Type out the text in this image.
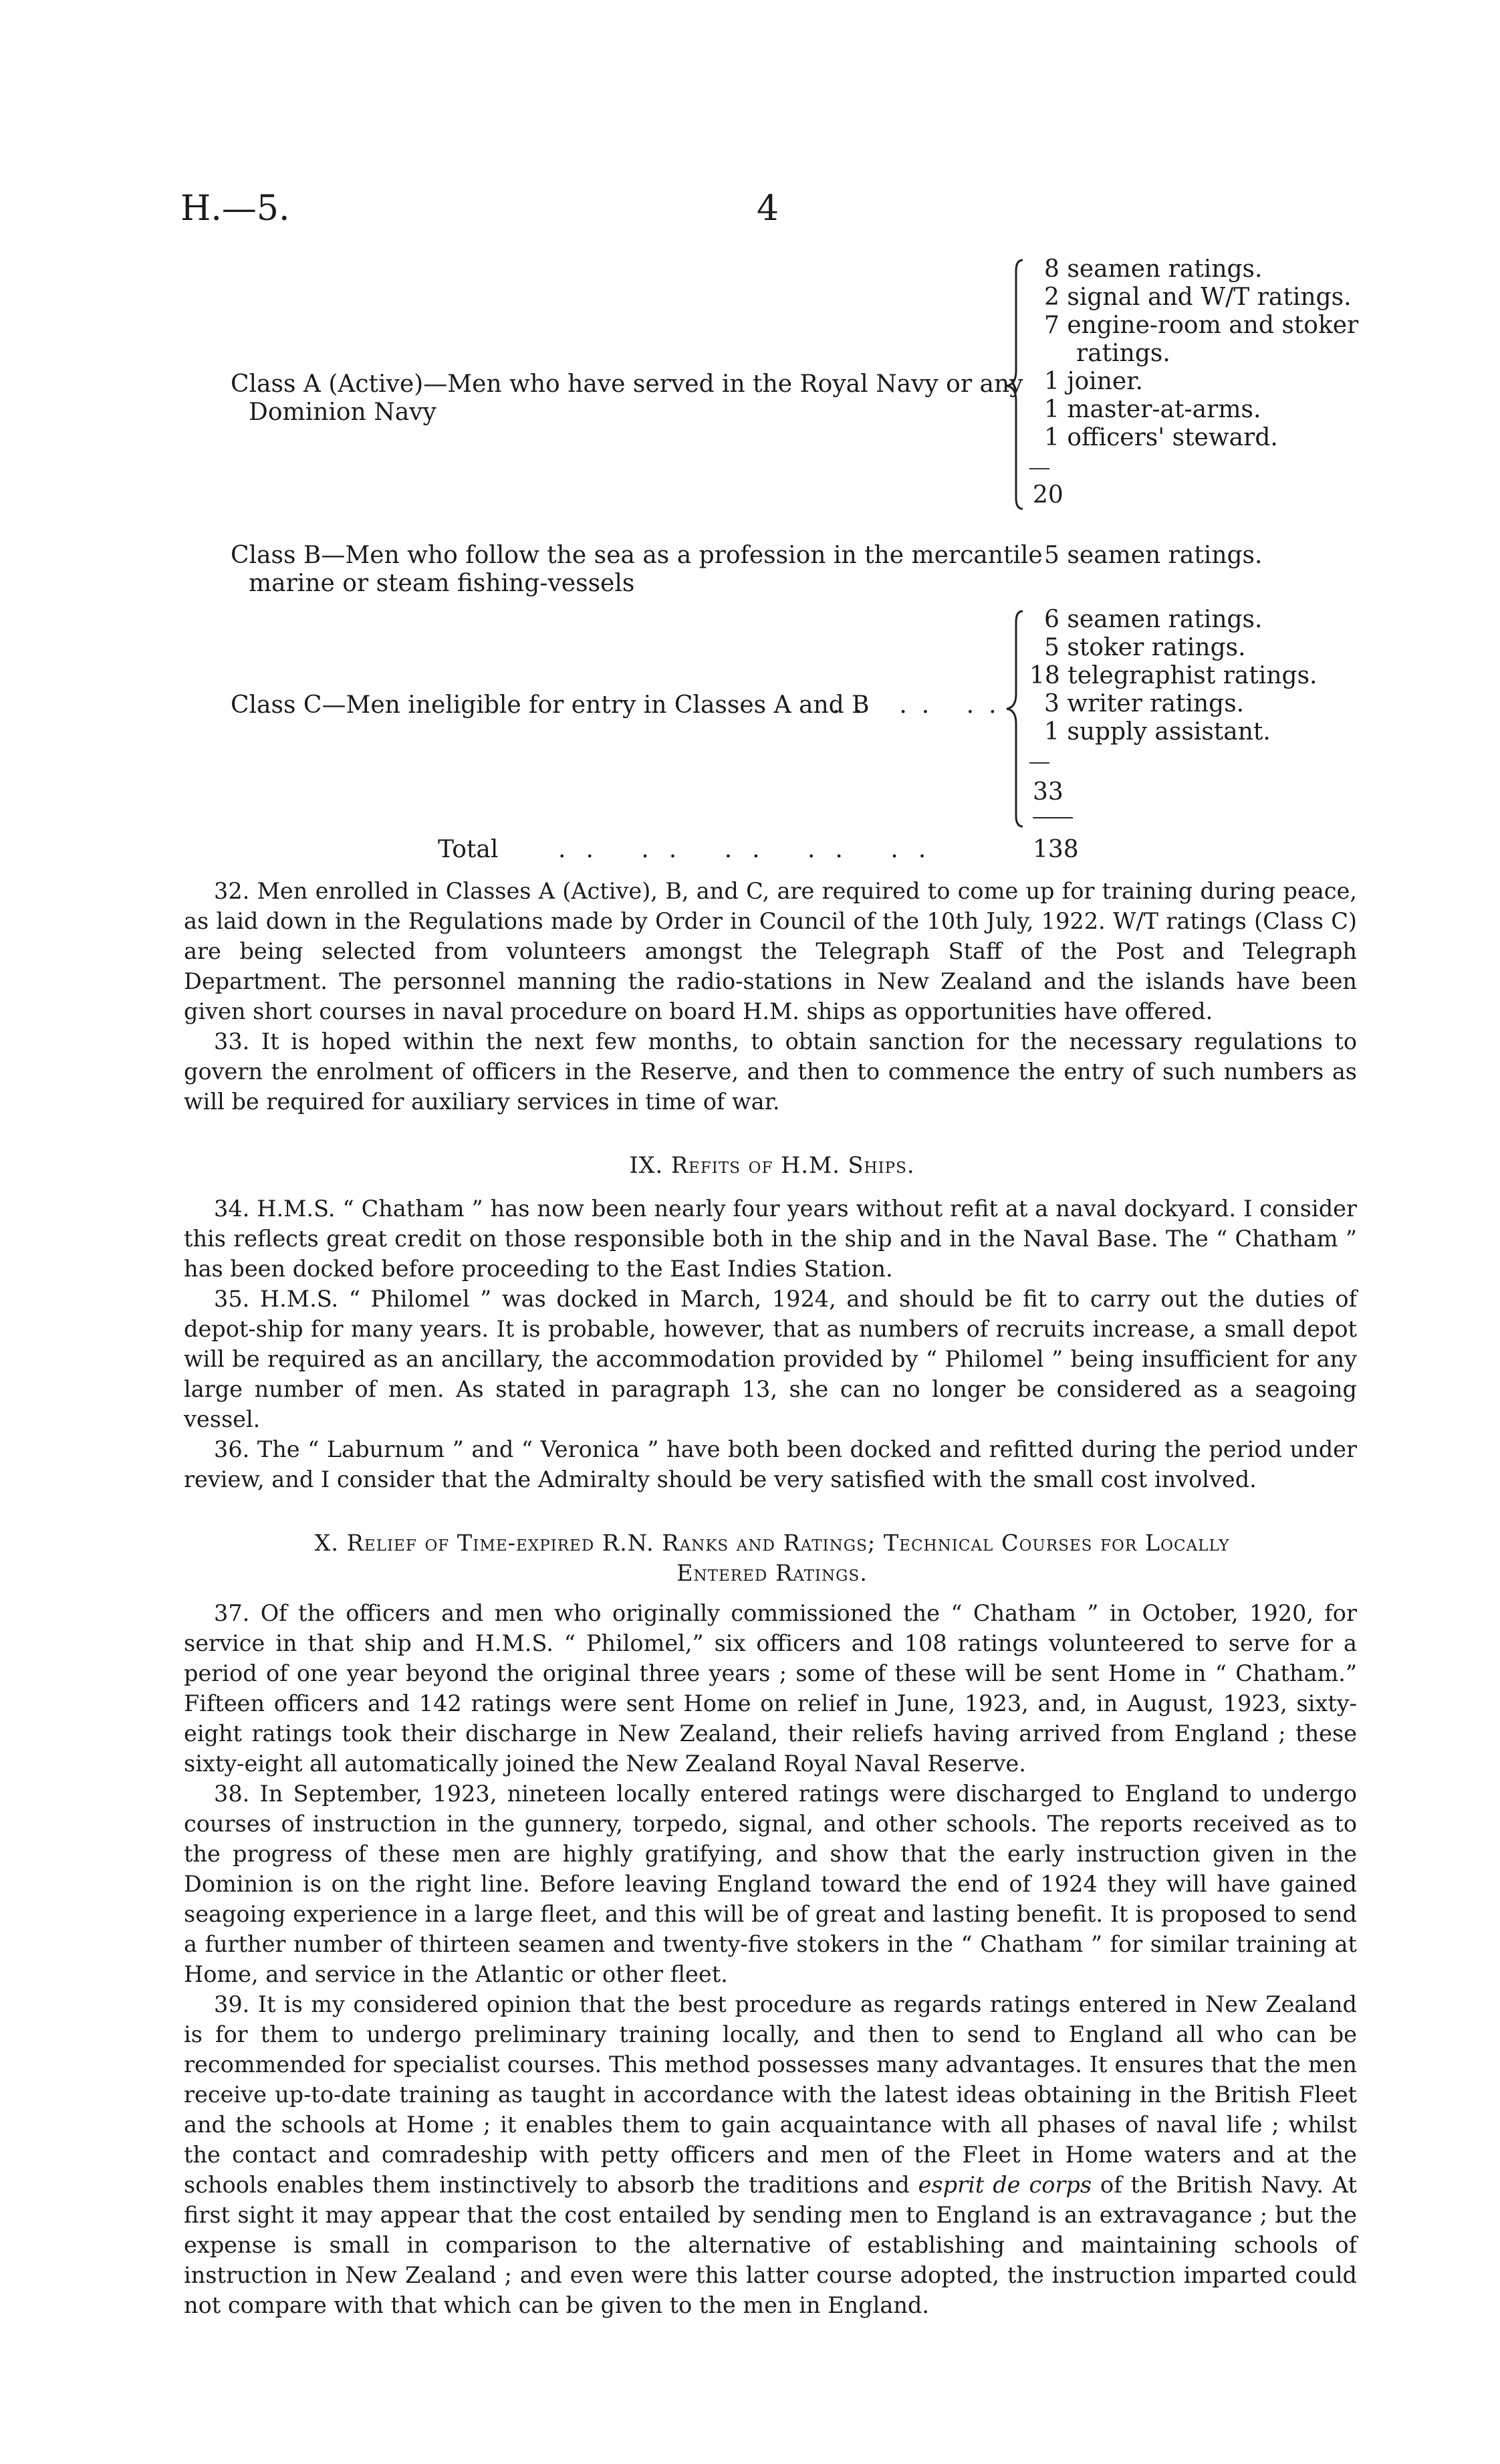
H.—5.	4
Class A (Active)—Men who have served in the Royal Navy or any
Dominion Navy
8 seamen ratings.
2 signal and W/T ratings.
7 engine-room and stoker
ratings.
1 joiner.
1 master-at-arms.
1 officers' steward.
20
Class B—Men who follow the sea as a profession in the mercantile
marine or steam fishing-vessels
5 seamen ratings.
Class C—Men ineligible for entry in Classes A and B
.. .. ..
6 seamen ratings.
5 stoker ratings.
18 telegraphist ratings.
3 writer ratings.
1 supply assistant.
33
Total .. .. .. .. ..	138

32. Men enrolled in Classes A (Active), B, and C, are required to come up for training during peace, as laid down in the Regulations made by Order in Council of the 10th July, 1922. W/T ratings (Class C) are being selected from volunteers amongst the Telegraph Staff of the Post and Telegraph Department. The personnel manning the radio-stations in New Zealand and the islands have been given short courses in naval procedure on board H.M. ships as opportunities have offered.

33. It is hoped within the next few months, to obtain sanction for the necessary regulations to govern the enrolment of officers in the Reserve, and then to commence the entry of such numbers as will be required for auxiliary services in time of war.

IX. Refits of H.M. Ships.

34. H.M.S. “ Chatham ” has now been nearly four years without refit at a naval dockyard. I consider this reflects great credit on those responsible both in the ship and in the Naval Base. The “ Chatham ” has been docked before proceeding to the East Indies Station.

35. H.M.S. “ Philomel ” was docked in March, 1924, and should be fit to carry out the duties of depot-ship for many years. It is probable, however, that as numbers of recruits increase, a small depot will be required as an ancillary, the accommodation provided by “ Philomel ” being insufficient for any large number of men. As stated in paragraph 13, she can no longer be considered as a seagoing vessel.

36. The “ Laburnum ” and “ Veronica ” have both been docked and refitted during the period under review, and I consider that the Admiralty should be very satisfied with the small cost involved.

X. Relief of Time-expired R.N. Ranks and Ratings; Technical Courses for Locally
Entered Ratings.

37. Of the officers and men who originally commissioned the “ Chatham ” in October, 1920, for service in that ship and H.M.S. “ Philomel,” six officers and 108 ratings volunteered to serve for a period of one year beyond the original three years ; some of these will be sent Home in “ Chatham.” Fifteen officers and 142 ratings were sent Home on relief in June, 1923, and, in August, 1923, sixty-eight ratings took their discharge in New Zealand, their reliefs having arrived from England ; these sixty-eight all automatically joined the New Zealand Royal Naval Reserve.

38. In September, 1923, nineteen locally entered ratings were discharged to England to undergo courses of instruction in the gunnery, torpedo, signal, and other schools. The reports received as to the progress of these men are highly gratifying, and show that the early instruction given in the Dominion is on the right line. Before leaving England toward the end of 1924 they will have gained seagoing experience in a large fleet, and this will be of great and lasting benefit. It is proposed to send a further number of thirteen seamen and twenty-five stokers in the “ Chatham ” for similar training at Home, and service in the Atlantic or other fleet.

39. It is my considered opinion that the best procedure as regards ratings entered in New Zealand is for them to undergo preliminary training locally, and then to send to England all who can be recommended for specialist courses. This method possesses many advantages. It ensures that the men receive up-to-date training as taught in accordance with the latest ideas obtaining in the British Fleet and the schools at Home ; it enables them to gain acquaintance with all phases of naval life ; whilst the contact and comradeship with petty officers and men of the Fleet in Home waters and at the schools enables them instinctively to absorb the traditions and esprit de corps of the British Navy. At first sight it may appear that the cost entailed by sending men to England is an extravagance ; but the expense is small in comparison to the alternative of establishing and maintaining schools of instruction in New Zealand ; and even were this latter course adopted, the instruction imparted could not compare with that which can be given to the men in England.
